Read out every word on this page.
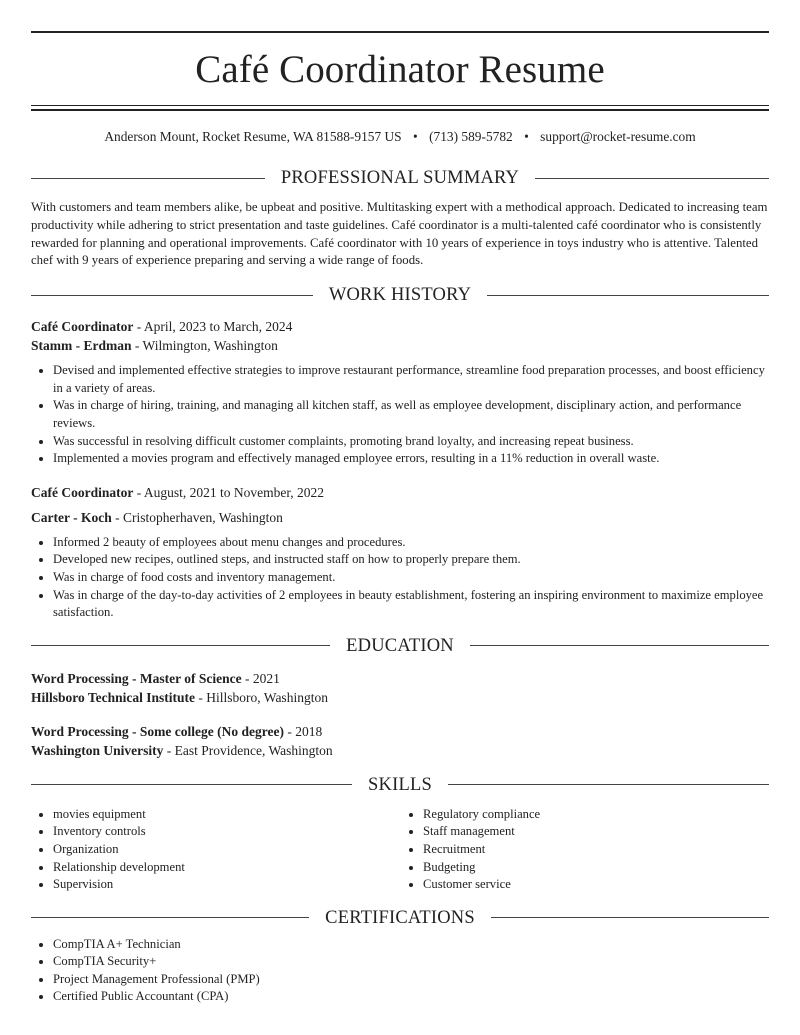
Café Coordinator Resume
Anderson Mount, Rocket Resume, WA 81588-9157 US • (713) 589-5782 • support@rocket-resume.com
PROFESSIONAL SUMMARY

With customers and team members alike, be upbeat and positive. Multitasking expert with a methodical approach. Dedicated to increasing team productivity while adhering to strict presentation and taste guidelines. Café coordinator is a multi-talented café coordinator who is consistently rewarded for planning and operational improvements. Café coordinator with 10 years of experience in toys industry who is attentive. Talented chef with 9 years of experience preparing and serving a wide range of foods.

WORK HISTORY
Café Coordinator - April, 2023 to March, 2024
Stamm - Erdman - Wilmington, Washington
• Devised and implemented effective strategies to improve restaurant performance, streamline food preparation processes, and boost efficiency in a variety of areas.
• Was in charge of hiring, training, and managing all kitchen staff, as well as employee development, disciplinary action, and performance reviews.
• Was successful in resolving difficult customer complaints, promoting brand loyalty, and increasing repeat business.
• Implemented a movies program and effectively managed employee errors, resulting in a 11% reduction in overall waste.
Café Coordinator - August, 2021 to November, 2022
Carter - Koch - Cristopherhaven, Washington
• Informed 2 beauty of employees about menu changes and procedures.
• Developed new recipes, outlined steps, and instructed staff on how to properly prepare them.
• Was in charge of food costs and inventory management.
• Was in charge of the day-to-day activities of 2 employees in beauty establishment, fostering an inspiring environment to maximize employee satisfaction.
EDUCATION
Word Processing - Master of Science - 2021
Hillsboro Technical Institute - Hillsboro, Washington
Word Processing - Some college (No degree) - 2018
Washington University - East Providence, Washington
SKILLS
• movies equipment
• Inventory controls
• Organization
• Relationship development
• Supervision
• Regulatory compliance
• Staff management
• Recruitment
• Budgeting
• Customer service
CERTIFICATIONS
• CompTIA A+ Technician
• CompTIA Security+
• Project Management Professional (PMP)
• Certified Public Accountant (CPA)
